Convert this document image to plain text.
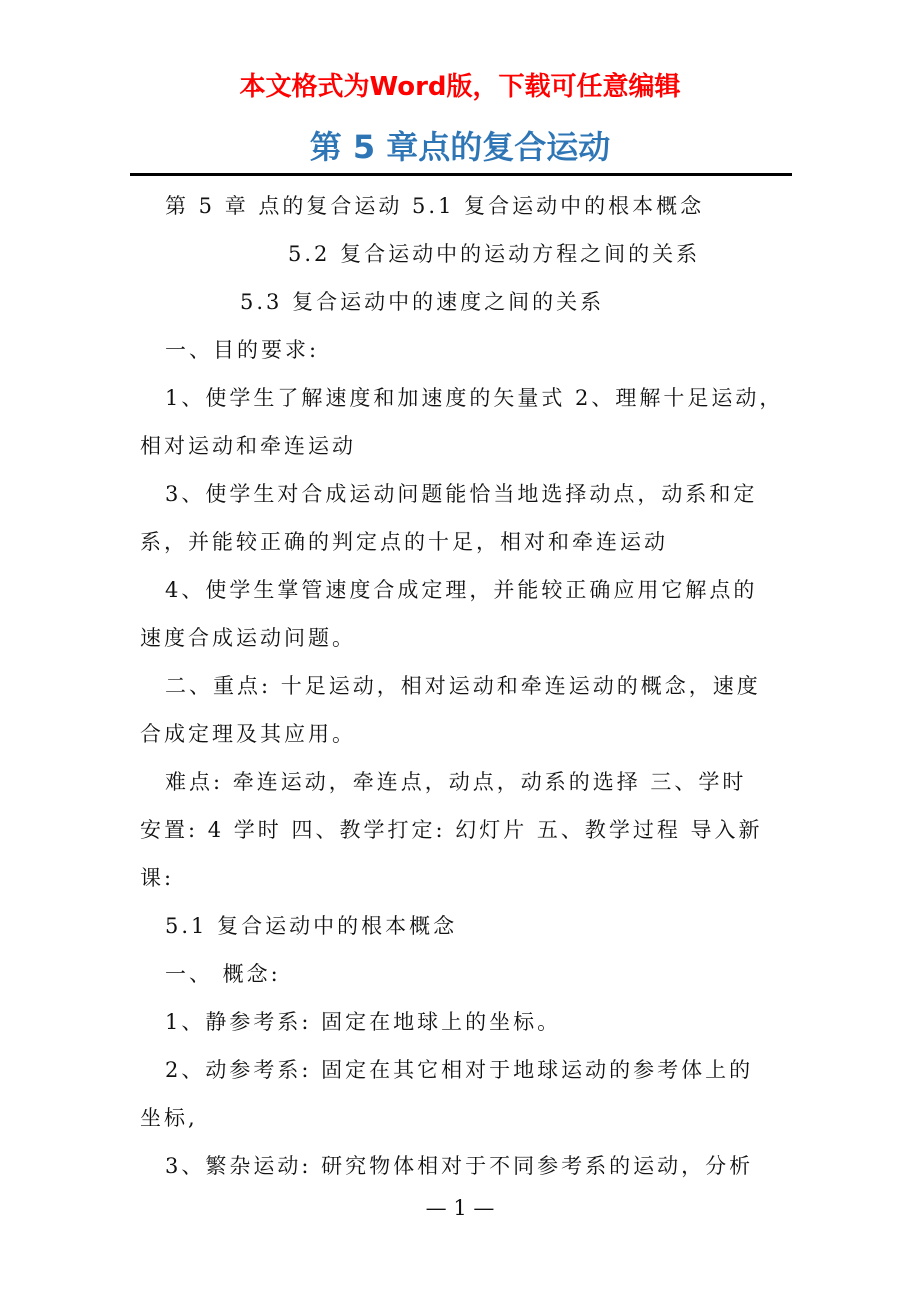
本文格式为Word版，下载可任意编辑
第 5 章点的复合运动
第 5 章 点的复合运动 5.1 复合运动中的根本概念
5.2 复合运动中的运动方程之间的关系
5.3 复合运动中的速度之间的关系
一、目的要求:
1、使学生了解速度和加速度的矢量式 2、理解十足运动，
相对运动和牵连运动
3、使学生对合成运动问题能恰当地选择动点，动系和定
系，并能较正确的判定点的十足，相对和牵连运动
4、使学生掌管速度合成定理，并能较正确应用它解点的
速度合成运动问题。
二、重点: 十足运动，相对运动和牵连运动的概念，速度
合成定理及其应用。
难点: 牵连运动，牵连点，动点，动系的选择 三、学时
安置: 4 学时 四、教学打定: 幻灯片 五、教学过程 导入新
课:
5.1 复合运动中的根本概念
一、 概念:
1、静参考系: 固定在地球上的坐标。
2、动参考系: 固定在其它相对于地球运动的参考体上的
坐标,
3、繁杂运动: 研究物体相对于不同参考系的运动，分析
— 1 —
